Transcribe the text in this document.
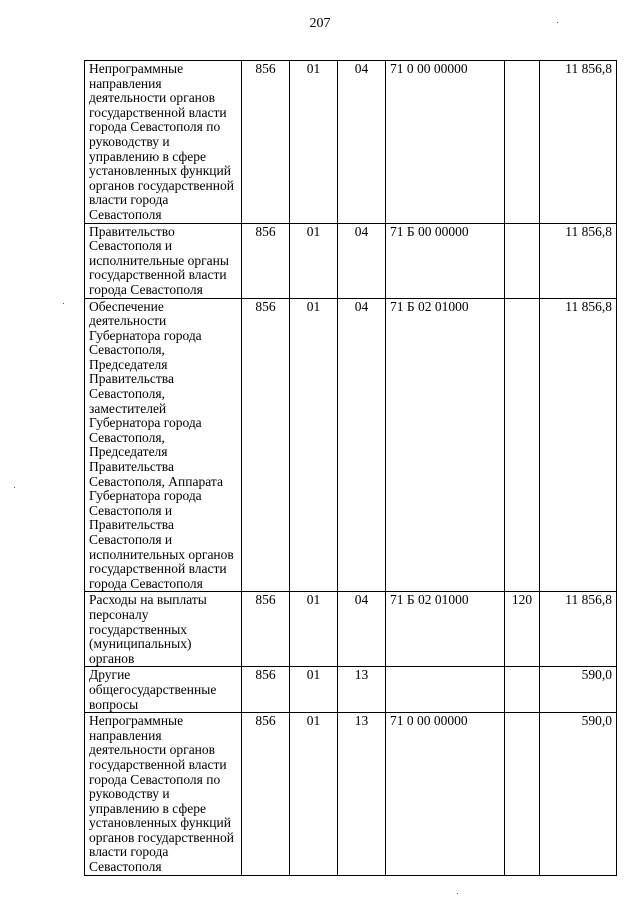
207
Непрограммные направления деятельности органов государственной власти города Севастополя по руководству и управлению в сфере установленных функций органов государственной власти города Севастополя	856	01	04	71 0 00 00000		11 856,8
Правительство Севастополя и исполнительные органы государственной власти города Севастополя	856	01	04	71 Б 00 00000		11 856,8
Обеспечение деятельности Губернатора города Севастополя, Председателя Правительства Севастополя, заместителей Губернатора города Севастополя, Председателя Правительства Севастополя, Аппарата Губернатора города Севастополя и Правительства Севастополя и исполнительных органов государственной власти города Севастополя	856	01	04	71 Б 02 01000		11 856,8
Расходы на выплаты персоналу государственных (муниципальных) органов	856	01	04	71 Б 02 01000	120	11 856,8
Другие общегосударственные вопросы	856	01	13			590,0
Непрограммные направления деятельности органов государственной власти города Севастополя по руководству и управлению в сфере установленных функций органов государственной власти города Севастополя	856	01	13	71 0 00 00000		590,0
